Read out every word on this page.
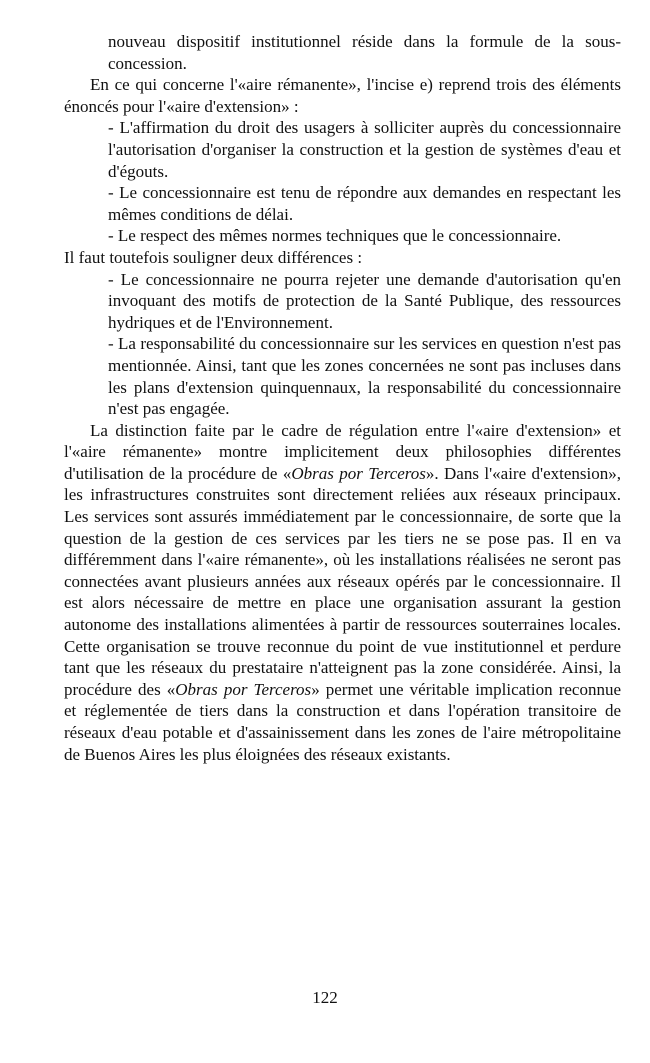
nouveau dispositif institutionnel réside dans la formule de la sous-concession.

En ce qui concerne l'«aire rémanente», l'incise e) reprend trois des éléments énoncés pour l'«aire d'extension» :

- L'affirmation du droit des usagers à solliciter auprès du concessionnaire l'autorisation d'organiser la construction et la gestion de systèmes d'eau et d'égouts.

- Le concessionnaire est tenu de répondre aux demandes en respectant les mêmes conditions de délai.

- Le respect des mêmes normes techniques que le concessionnaire.

Il faut toutefois souligner deux différences :

- Le concessionnaire ne pourra rejeter une demande d'autorisation qu'en invoquant des motifs de protection de la Santé Publique, des ressources hydriques et de l'Environnement.

- La responsabilité du concessionnaire sur les services en question n'est pas mentionnée. Ainsi, tant que les zones concernées ne sont pas incluses dans les plans d'extension quinquennaux, la responsabilité du concessionnaire n'est pas engagée.

La distinction faite par le cadre de régulation entre l'«aire d'extension» et l'«aire rémanente» montre implicitement deux philosophies différentes d'utilisation de la procédure de «Obras por Terceros». Dans l'«aire d'extension», les infrastructures construites sont directement reliées aux réseaux principaux. Les services sont assurés immédiatement par le concessionnaire, de sorte que la question de la gestion de ces services par les tiers ne se pose pas. Il en va différemment dans l'«aire rémanente», où les installations réalisées ne seront pas connectées avant plusieurs années aux réseaux opérés par le concessionnaire. Il est alors nécessaire de mettre en place une organisation assurant la gestion autonome des installations alimentées à partir de ressources souterraines locales. Cette organisation se trouve reconnue du point de vue institutionnel et perdure tant que les réseaux du prestataire n'atteignent pas la zone considérée. Ainsi, la procédure des «Obras por Terceros» permet une véritable implication reconnue et réglementée de tiers dans la construction et dans l'opération transitoire de réseaux d'eau potable et d'assainissement dans les zones de l'aire métropolitaine de Buenos Aires les plus éloignées des réseaux existants.

122
